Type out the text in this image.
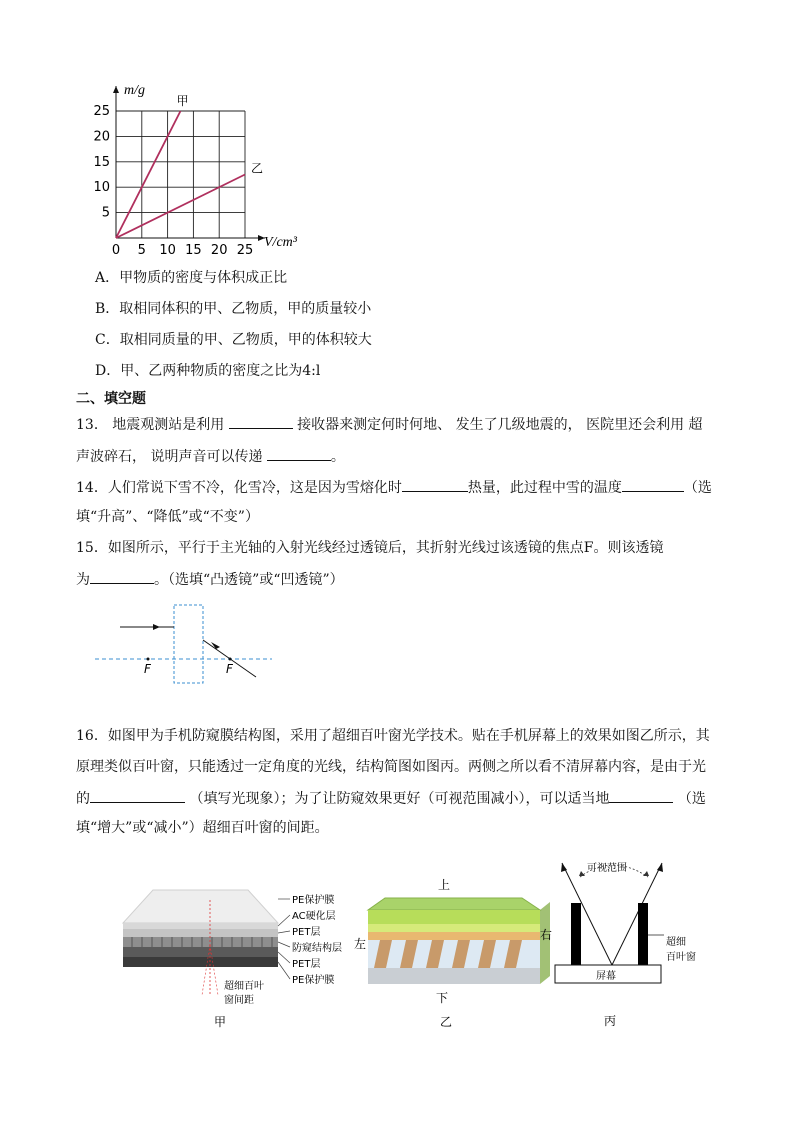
甲
乙
0 5 10 15 20 25
5
10
15
20
25
m/g
V/cm³
A．甲物质的密度与体积成正比
B．取相同体积的甲、乙物质，甲的质量较小
C．取相同质量的甲、乙物质，甲的体积较大
D．甲、乙两种物质的密度之比为4:l
二、填空题
13． 地震观测站是利用	接收器来测定何时何地、 发生了几级地震的， 医院里还会利用 超
声波碎石， 说明声音可以传递	。
14．人们常说下雪不冷，化雪冷，这是因为雪熔化时	热量，此过程中雪的温度	（选
填“升高”、“降低”或“不变”）
15．如图所示，平行于主光轴的入射光线经过透镜后，其折射光线过该透镜的焦点F。则该透镜
为	。（选填“凸透镜”或“凹透镜”）
F	F
16．如图甲为手机防窥膜结构图，采用了超细百叶窗光学技术。贴在手机屏幕上的效果如图乙所示，其
原理类似百叶窗，只能透过一定角度的光线，结构简图如图丙。两侧之所以看不清屏幕内容，是由于光
的	（填写光现象）；为了让防窥效果更好（可视范围减小），可以适当地	（选
填“增大”或“减小”）超细百叶窗的间距。
PE保护膜
AC硬化层
PET层
防窥结构层
PET层
PE保护膜
超细百叶
窗间距
甲
上
左
右
下
乙
可视范围
超细
百叶窗
屏幕
丙
